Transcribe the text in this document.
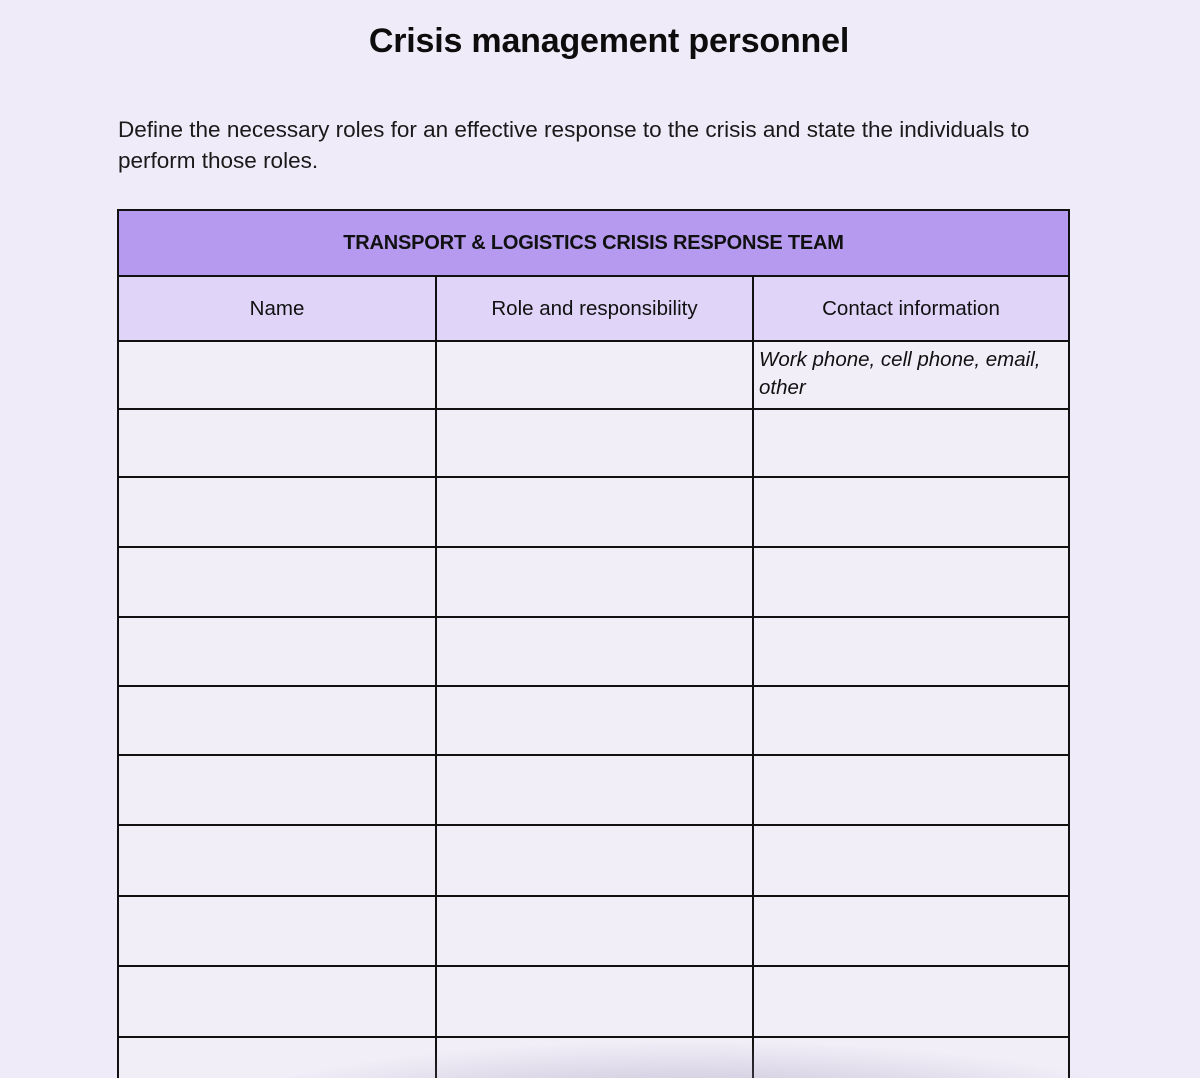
Crisis management personnel
Define the necessary roles for an effective response to the crisis and state the individuals to perform those roles.
TRANSPORT & LOGISTICS CRISIS RESPONSE TEAM		
Name	Role and responsibility	Contact information

		Work phone, cell phone, email, other
